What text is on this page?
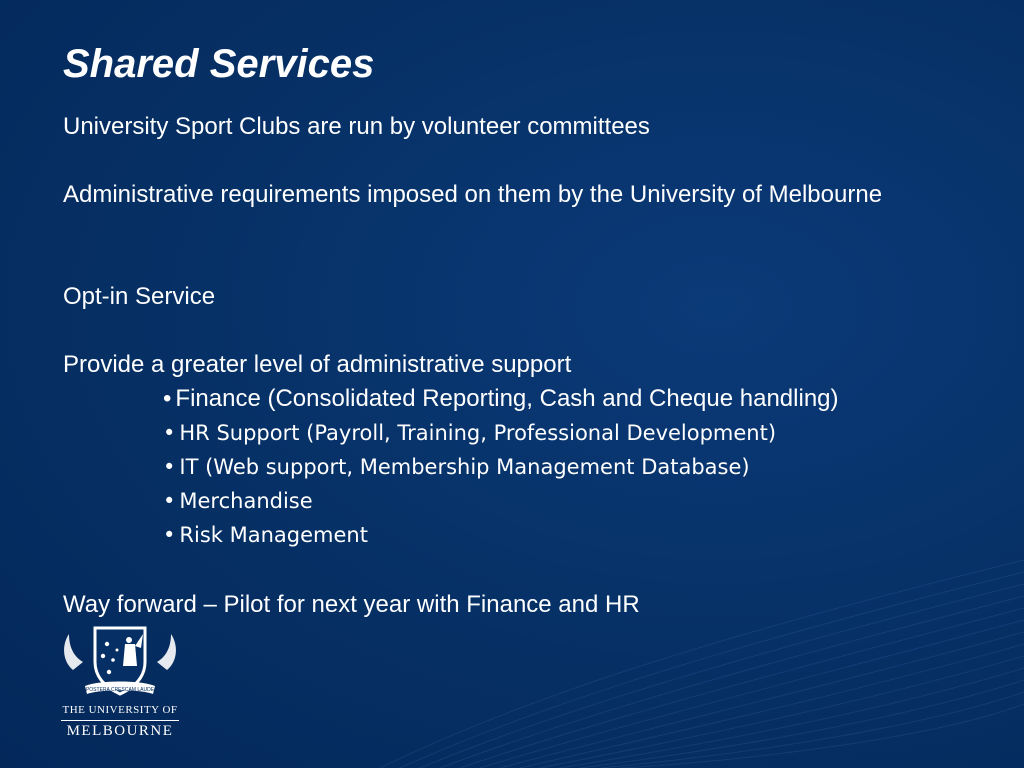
Shared Services

University Sport Clubs are run by volunteer committees

Administrative requirements imposed on them by the University of Melbourne

Opt-in Service

Provide a greater level of administrative support

• Finance (Consolidated Reporting, Cash and Cheque handling)
• HR Support (Payroll, Training, Professional Development)
• IT (Web support, Membership Management Database)
• Merchandise
• Risk Management

Way forward – Pilot for next year with Finance and HR

POSTERA CRESCAM LAUDE
THE UNIVERSITY OF
MELBOURNE
